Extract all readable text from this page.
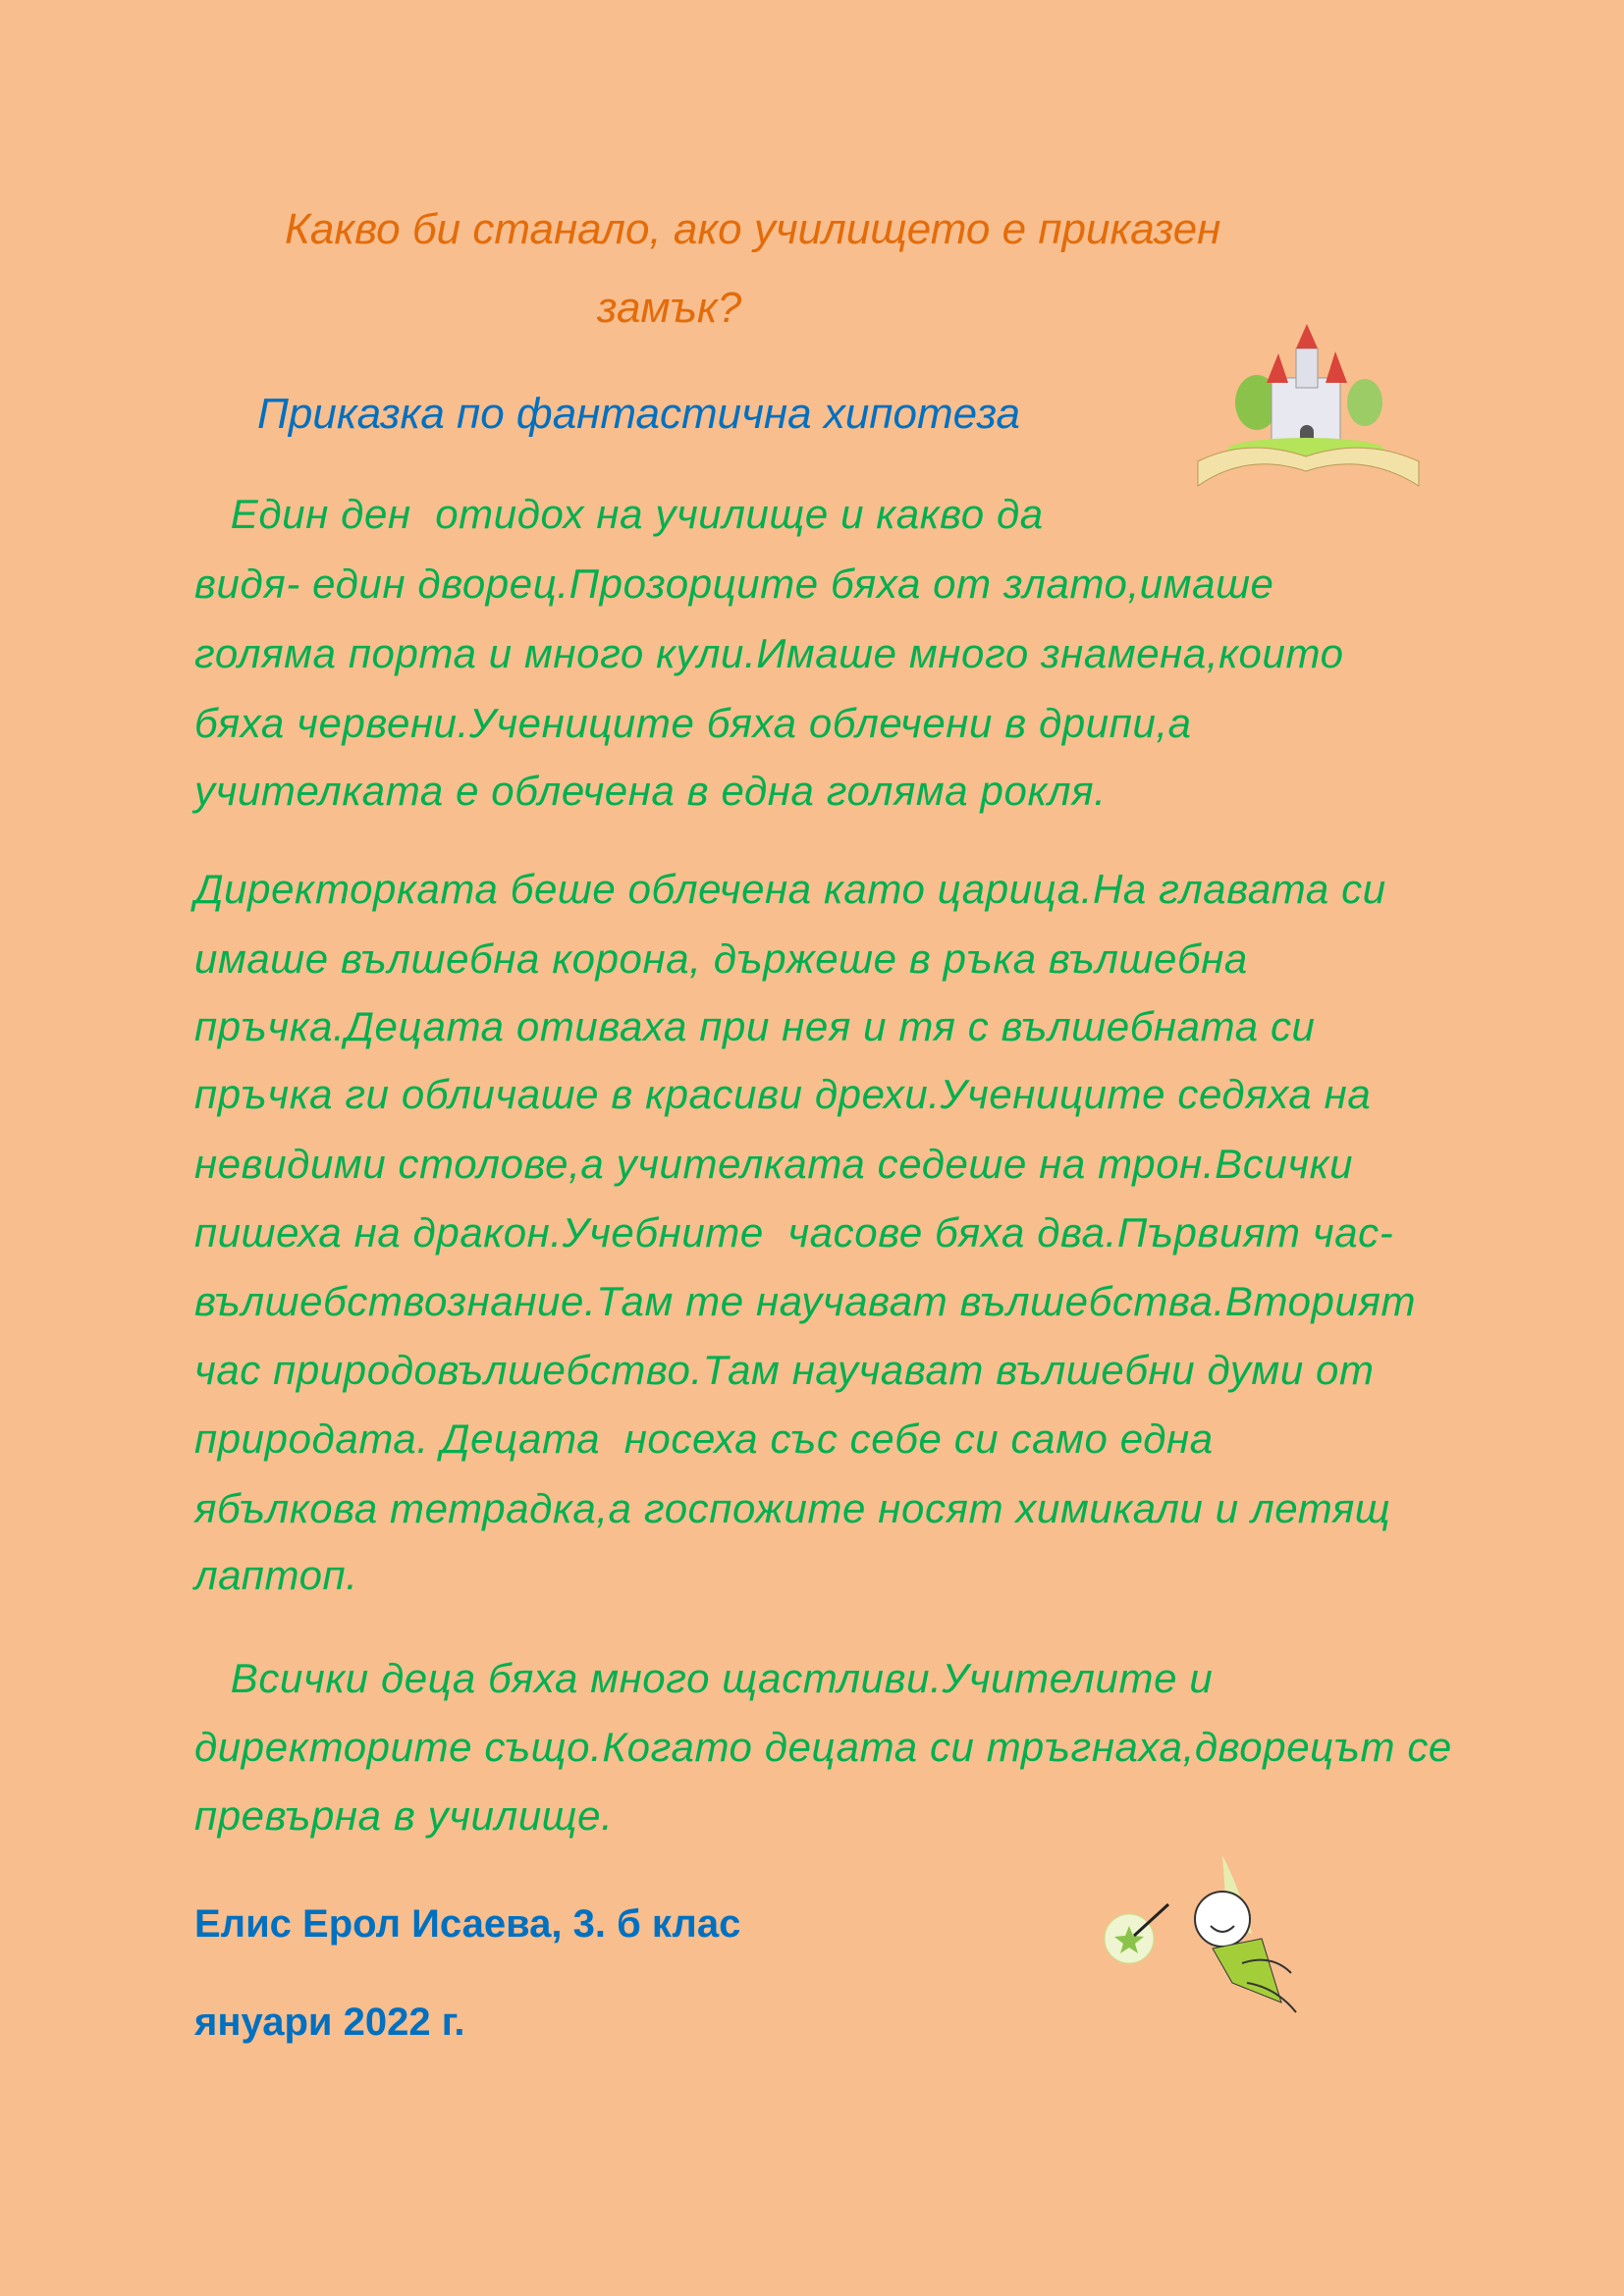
Какво би станало, ако училището е приказен
замък?
Приказка по фантастична хипотеза
Един ден  отидох на училище и какво да
видя- един дворец.Прозорците бяха от злато,имаше
голяма порта и много кули.Имаше много знамена,които
бяха червени.Учениците бяха облечени в дрипи,а
учителката е облечена в една голяма рокля.
Директорката беше облечена като царица.На главата си
имаше вълшебна корона, държеше в ръка вълшебна
пръчка.Децата отиваха при нея и тя с вълшебната си
пръчка ги обличаше в красиви дрехи.Учениците седяха на
невидими столове,а учителката седеше на трон.Всички
пишеха на дракон.Учебните  часове бяха два.Първият час-
вълшебствознание.Там те научават вълшебства.Вторият
час природовълшебство.Там научават вълшебни думи от
природата. Децата  носеха със себе си само една
ябълкова тетрадка,а госпожите носят химикали и летящ
лаптоп.
Всички деца бяха много щастливи.Учителите и
директорите също.Когато децата си тръгнаха,дворецът се
превърна в училище.
Елис Ерол Исаева, 3. б клас
януари 2022 г.
